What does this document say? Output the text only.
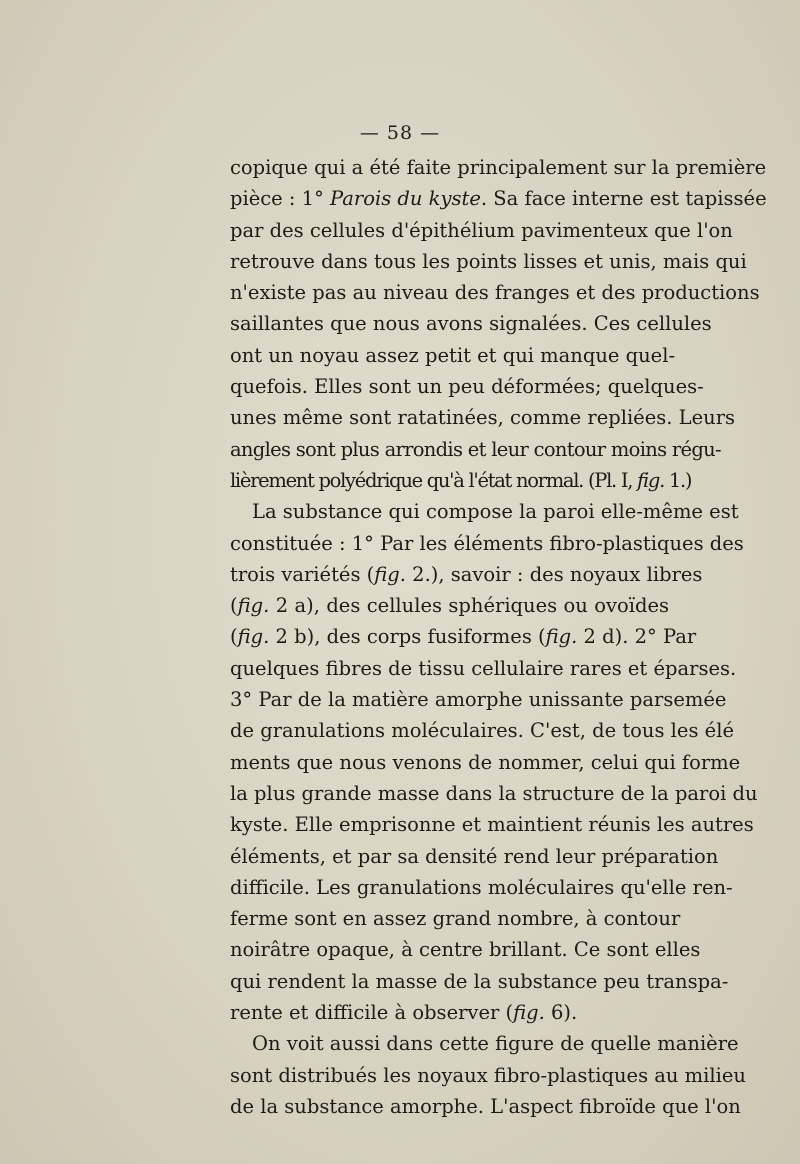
— 58 —
copique qui a été faite principalement sur la première
pièce : 1° Parois du kyste. Sa face interne est tapissée
par des cellules d'épithélium pavimenteux que l'on
retrouve dans tous les points lisses et unis, mais qui
n'existe pas au niveau des franges et des productions
saillantes que nous avons signalées. Ces cellules
ont un noyau assez petit et qui manque quel-
quefois. Elles sont un peu déformées; quelques-
unes même sont ratatinées, comme repliées. Leurs
angles sont plus arrondis et leur contour moins régu-
lièrement polyédrique qu'à l'état normal. (Pl. I, fig. 1.)
La substance qui compose la paroi elle-même est
constituée : 1° Par les éléments fibro-plastiques des
trois variétés (fig. 2.), savoir : des noyaux libres
(fig. 2 a), des cellules sphériques ou ovoïdes
(fig. 2 b), des corps fusiformes (fig. 2 d). 2° Par
quelques fibres de tissu cellulaire rares et éparses.
3° Par de la matière amorphe unissante parsemée
de granulations moléculaires. C'est, de tous les élé
ments que nous venons de nommer, celui qui forme
la plus grande masse dans la structure de la paroi du
kyste. Elle emprisonne et maintient réunis les autres
éléments, et par sa densité rend leur préparation
difficile. Les granulations moléculaires qu'elle ren-
ferme sont en assez grand nombre, à contour
noirâtre opaque, à centre brillant. Ce sont elles
qui rendent la masse de la substance peu transpa-
rente et difficile à observer (fig. 6).
On voit aussi dans cette figure de quelle manière
sont distribués les noyaux fibro-plastiques au milieu
de la substance amorphe. L'aspect fibroïde que l'on
